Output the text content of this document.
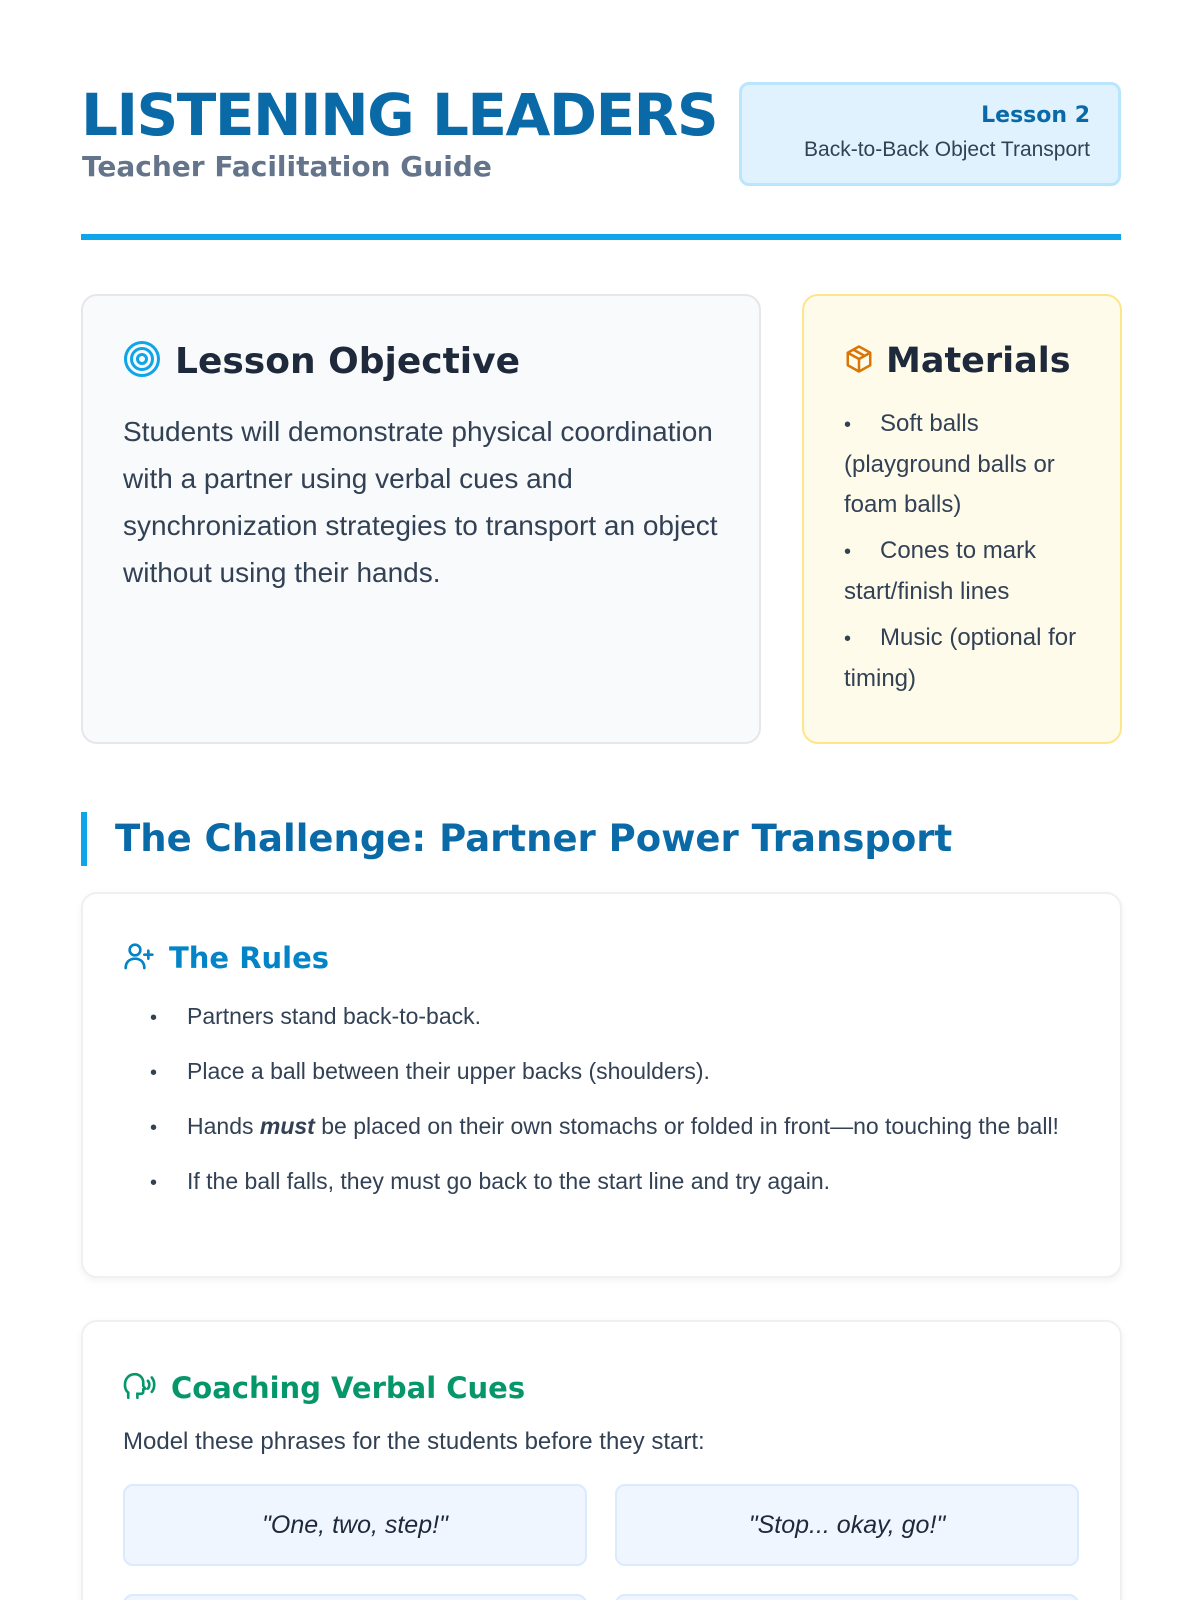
LISTENING LEADERS
Teacher Facilitation Guide
Lesson 2
Back-to-Back Object Transport
Lesson Objective

Students will demonstrate physical coordination with a partner using verbal cues and synchronization strategies to transport an object without using their hands.

Materials
• Soft balls (playground balls or foam balls)
• Cones to mark start/finish lines
• Music (optional for timing)
The Challenge: Partner Power Transport
The Rules
• Partners stand back-to-back.
• Place a ball between their upper backs (shoulders).
• Hands must be placed on their own stomachs or folded in front—no touching the ball!
• If the ball falls, they must go back to the start line and try again.
Coaching Verbal Cues

Model these phrases for the students before they start:

"One, two, step!"	"Stop... okay, go!"
